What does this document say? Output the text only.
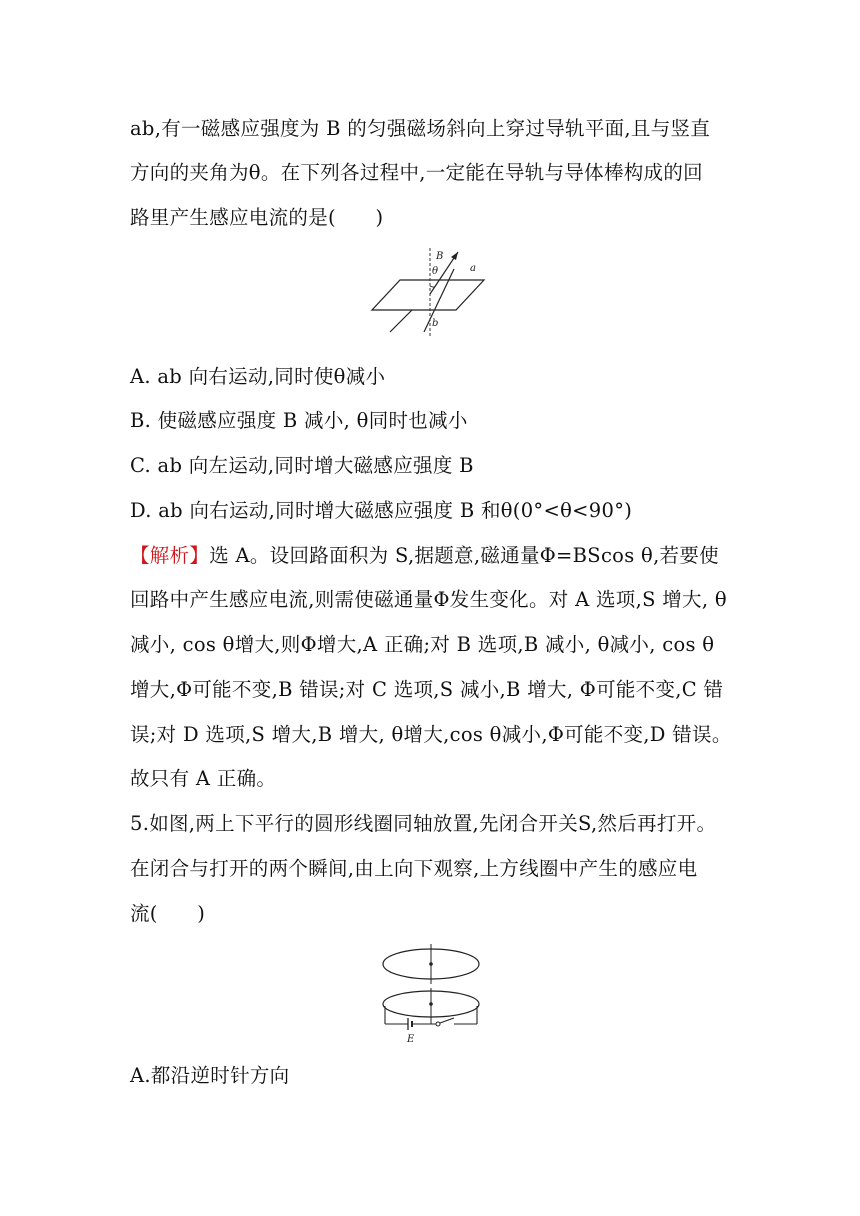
ab,有一磁感应强度为 B 的匀强磁场斜向上穿过导轨平面,且与竖直
方向的夹角为θ。在下列各过程中,一定能在导轨与导体棒构成的回
路里产生感应电流的是(　　)
B
θ	a
b
A. ab 向右运动,同时使θ减小
B. 使磁感应强度 B 减小, θ同时也减小
C. ab 向左运动,同时增大磁感应强度 B
D. ab 向右运动,同时增大磁感应强度 B 和θ(0°<θ<90°)
【解析】选 A。设回路面积为 S,据题意,磁通量Φ=BScos θ,若要使
回路中产生感应电流,则需使磁通量Φ发生变化。对 A 选项,S 增大, θ
减小, cos θ增大,则Φ增大,A 正确;对 B 选项,B 减小, θ减小, cos θ
增大,Φ可能不变,B 错误;对 C 选项,S 减小,B 增大, Φ可能不变,C 错
误;对 D 选项,S 增大,B 增大, θ增大,cos θ减小,Φ可能不变,D 错误。
故只有 A 正确。
5.如图,两上下平行的圆形线圈同轴放置,先闭合开关S,然后再打开。
在闭合与打开的两个瞬间,由上向下观察,上方线圈中产生的感应电
流(　　)
E
A.都沿逆时针方向
